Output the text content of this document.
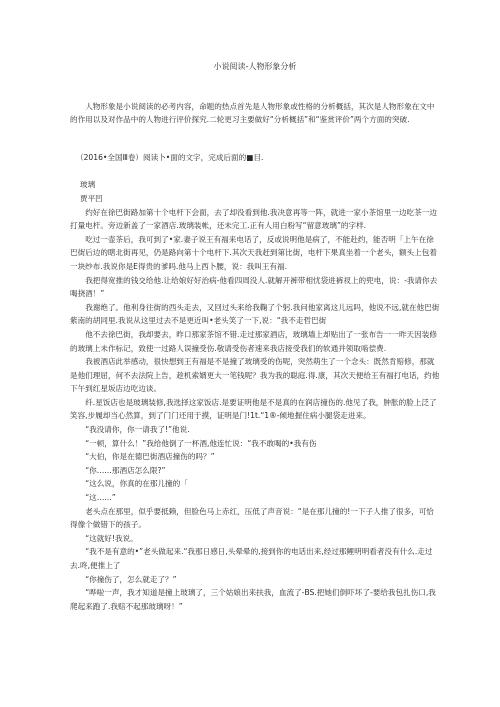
小说阅读-人物形象分析

人物形象是小说阅读的必考内容，命题的热点首先是人物形象或性格的分析概括，其次是人物形象在文中的作用以及对作品中的人物进行评价探究.二轮更习主要做好“分析概括”和“鉴赏评价”两个方面的突破.

（2016•全国Ⅲ卷）阅读卜•面的文字，完成后面的■目.

玻璃
贾平凹

约好在徐巴街路加第十个电杆下会面，去了却没看到他.我决意再等一阵，就进一家小茶馆里一边吃茶一边打量电杆。旁边新盖了一家酒店.玻璃装帐，还未完工.正有人用白粉写“留意玻璃”的字样.

吃过一壶茶后，我可到了•家.妻子说王有福来电话了，反或说明他是病了，不能赴约，能否明「上午在徐巴街后边的瞎北街再见，仍是路向第十个电杆下.其次天我赶到第比街，电杆下果真坐着一个老头，额头上包着一块纱布.我说你是E得贵的爹吗.他马上西卜腰，说：我叫王有福.

我把得宽推的钱交给他.让给娘好好治病-他看四周没人.就解开裤带相忧袋进裤衩上的兜电，说：-我请你去喝挠酒！”

我谢绝了。他利身往街的西头走去，又回过头来给我鞠了个躬.我问他家离这儿远吗，他说不远,就在他巴街紫南的胡同里.我说从这里过去不是更近叫•老头笑了一下,说：“我不走哲巴街

他不去徐巴街，我却要去，昨口那家茶馆不错.走过那家酒店，玻璃墙上却贴出了一张布告一一昨天因装修的玻璃上未作标记，致使一过路人误撞受伤.敬请受伤者速来我店接受我们的软通并领取啮偿费.

我被酒店此举感动，很快想到王有福是不是撞了玻璃受的伤呢，突然萌生了一个念头：既然肯赔修，那就是他们理屈，何不去法院上告，趁机索婿更大一笔钱呢？我为我的聪庭.得.康，其次天便给王有福打电话，约他下午到红星坂店边吃边谈。

纤.星饭店也是玻璃装修,我选择这家饭店.是要证明他是不是真的在润店撞伤的.他见了我，肿胀的脸上泛了笑容,步履却当心然算，到了门门还用于摸，证明是门!1t.“1®-倾地握住病小腿袋走进来。

“我没请你，你一请我了!”他说.

“一顿，算什么！”我给他倒了一杯酒,他连忙说：“我不敢喝的•我有伤

“大伯，你是在德巴街酒店撞伤的吗？”

“你……那酒店怎么限?”

“这么说，你真的在那儿撞的「

“这……”

老头点在那里，似乎要抵赖，但脸色马上赤红，压低了声音说：“是在那儿撞的!一下子人推了很多，可恰得像个做错下的孩子。

“这就好!我说。

“我不是有意的•”老头做起来.“我那日感日,头晕晕的,接到你的电话出来,经过那鲤明明看者没有什么.走过去.咚,便推上了

“你撞伤了，怎么就走了？”

“哗啦一声，我才知道是撞上玻璃了，三个姑娘出来扶我，血流了-BS.把她们倒吓坏了-要给我包扎伤口,我爬起来跑了.我赔不起那玻璃呀！”
